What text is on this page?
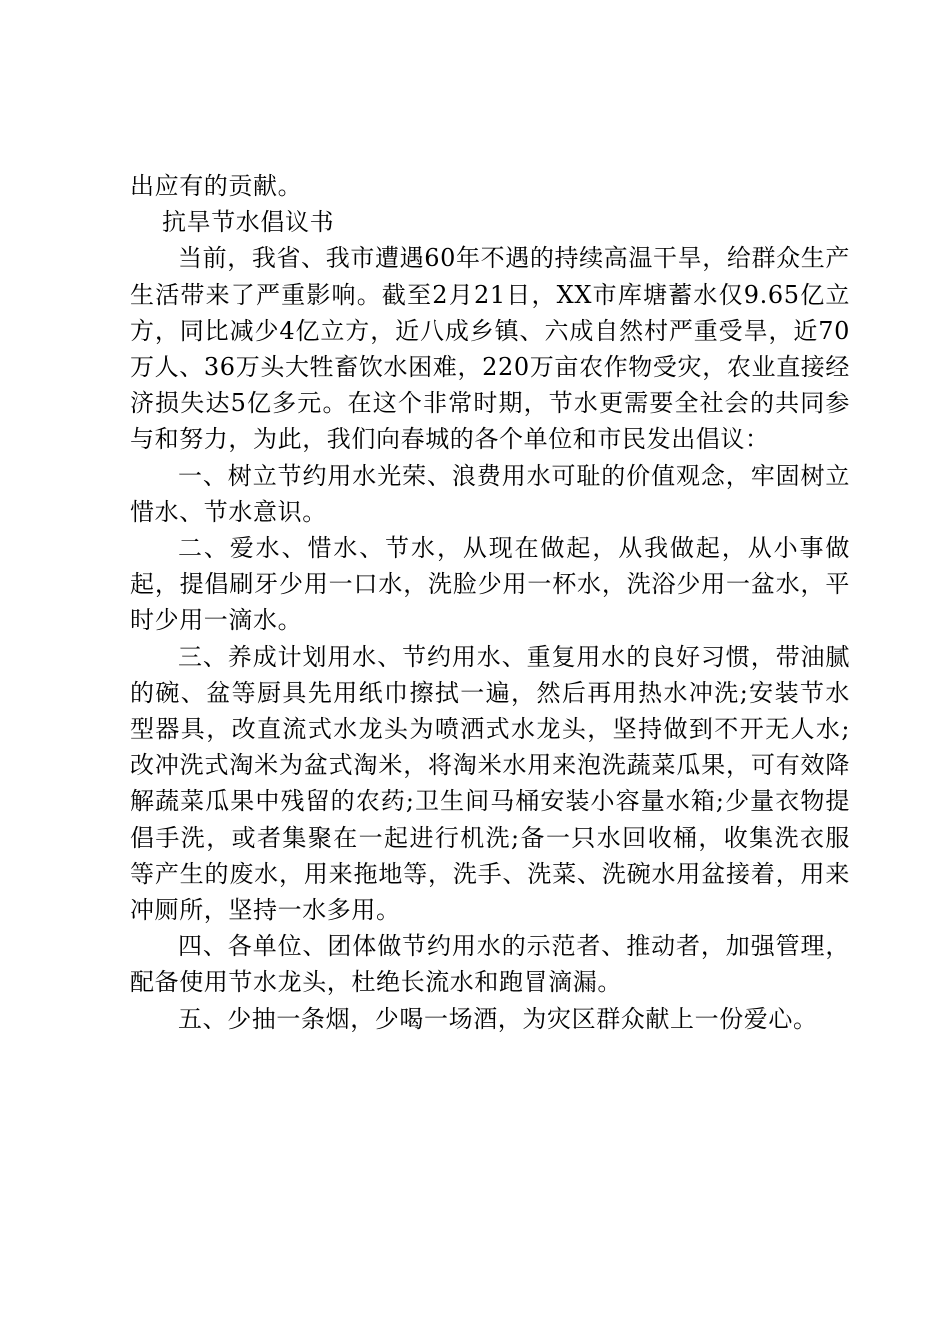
出应有的贡献。

抗旱节水倡议书

当前，我省、我市遭遇60年不遇的持续高温干旱，给群众生产生活带来了严重影响。截至2月21日，XX市库塘蓄水仅9.65亿立方，同比减少4亿立方，近八成乡镇、六成自然村严重受旱，近70万人、36万头大牲畜饮水困难，220万亩农作物受灾，农业直接经济损失达5亿多元。在这个非常时期，节水更需要全社会的共同参与和努力，为此，我们向春城的各个单位和市民发出倡议：

一、树立节约用水光荣、浪费用水可耻的价值观念，牢固树立惜水、节水意识。

二、爱水、惜水、节水，从现在做起，从我做起，从小事做起，提倡刷牙少用一口水，洗脸少用一杯水，洗浴少用一盆水，平时少用一滴水。

三、养成计划用水、节约用水、重复用水的良好习惯，带油腻的碗、盆等厨具先用纸巾擦拭一遍，然后再用热水冲洗;安装节水型器具，改直流式水龙头为喷洒式水龙头，坚持做到不开无人水;改冲洗式淘米为盆式淘米，将淘米水用来泡洗蔬菜瓜果，可有效降解蔬菜瓜果中残留的农药;卫生间马桶安装小容量水箱;少量衣物提倡手洗，或者集聚在一起进行机洗;备一只水回收桶，收集洗衣服等产生的废水，用来拖地等，洗手、洗菜、洗碗水用盆接着，用来冲厕所，坚持一水多用。

四、各单位、团体做节约用水的示范者、推动者，加强管理，配备使用节水龙头，杜绝长流水和跑冒滴漏。

五、少抽一条烟，少喝一场酒，为灾区群众献上一份爱心。
